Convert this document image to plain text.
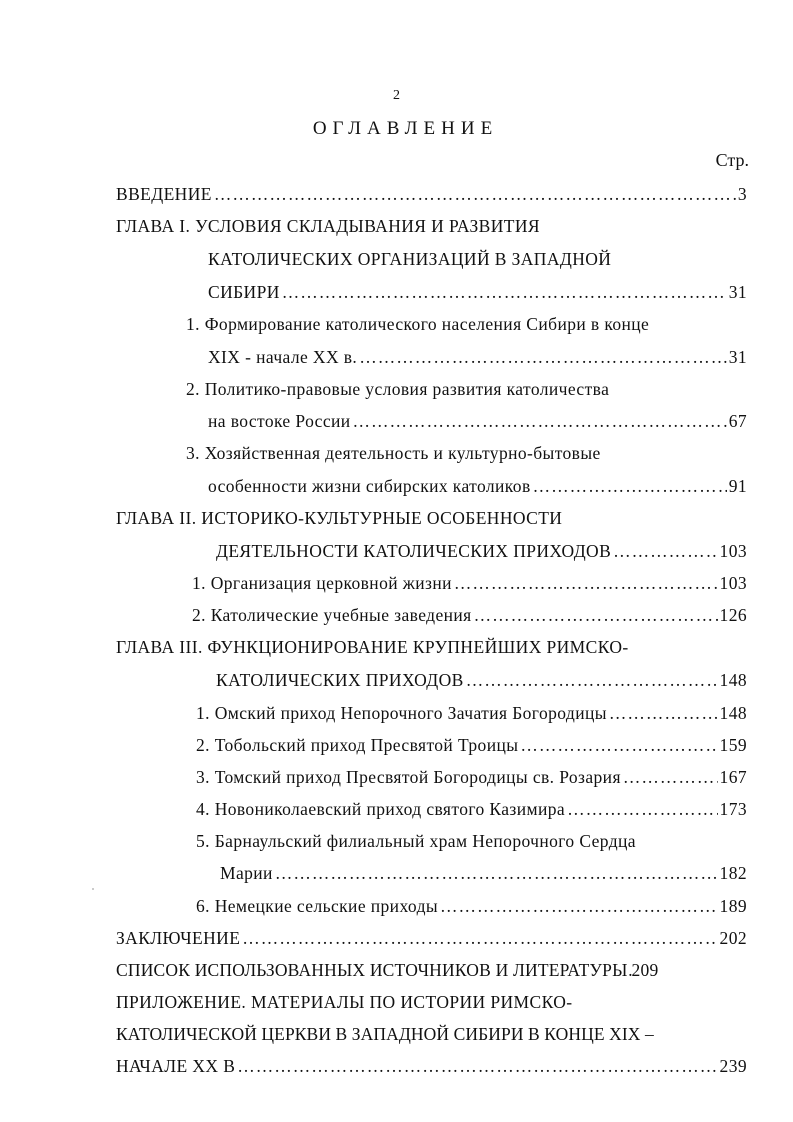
2
ОГЛАВЛЕНИЕ
Стр.
ВВЕДЕНИЕ ……………………………………………………………………………………………………………………………………………………………………	3
ГЛАВА I. УСЛОВИЯ СКЛАДЫВАНИЯ И РАЗВИТИЯ
КАТОЛИЧЕСКИХ ОРГАНИЗАЦИЙ В ЗАПАДНОЙ
СИБИРИ ……………………………………………………………………………………………………………………………………………………………………	31
1. Формирование католического населения Сибири в конце
XIX - начале XX в. ……………………………………………………………………………………………………………………………………………………………………	31
2. Политико-правовые условия развития католичества
на востоке России ……………………………………………………………………………………………………………………………………………………………………	67
3. Хозяйственная деятельность и культурно-бытовые
особенности жизни сибирских католиков ……………………………………………………………………………………………………………………………………………………………………	91
ГЛАВА II. ИСТОРИКО-КУЛЬТУРНЫЕ ОСОБЕННОСТИ
ДЕЯТЕЛЬНОСТИ КАТОЛИЧЕСКИХ ПРИХОДОВ ……………………………………………………………………………………………………………………………………………………………………	103
1. Организация церковной жизни ……………………………………………………………………………………………………………………………………………………………………	103
2. Католические учебные заведения ……………………………………………………………………………………………………………………………………………………………………	126
ГЛАВА III. ФУНКЦИОНИРОВАНИЕ КРУПНЕЙШИХ РИМСКО-
КАТОЛИЧЕСКИХ ПРИХОДОВ ……………………………………………………………………………………………………………………………………………………………………	148
1. Омский приход Непорочного Зачатия Богородицы ……………………………………………………………………………………………………………………………………………………………………	148
2. Тобольский приход Пресвятой Троицы ……………………………………………………………………………………………………………………………………………………………………	159
3. Томский приход Пресвятой Богородицы св. Розария ……………………………………………………………………………………………………………………………………………………………………	167
4. Новониколаевский приход святого Казимира ……………………………………………………………………………………………………………………………………………………………………	173
5. Барнаульский филиальный храм Непорочного Сердца
Марии ……………………………………………………………………………………………………………………………………………………………………	182
6. Немецкие сельские приходы ……………………………………………………………………………………………………………………………………………………………………	189
ЗАКЛЮЧЕНИЕ ……………………………………………………………………………………………………………………………………………………………………	202
СПИСОК ИСПОЛЬЗОВАННЫХ ИСТОЧНИКОВ И ЛИТЕРАТУРЫ …………………………………………………………………………………………………………………………………………………………………… 209
ПРИЛОЖЕНИЕ. МАТЕРИАЛЫ ПО ИСТОРИИ РИМСКО-
КАТОЛИЧЕСКОЙ ЦЕРКВИ В ЗАПАДНОЙ СИБИРИ В КОНЦЕ XIX –
НАЧАЛЕ XX В ……………………………………………………………………………………………………………………………………………………………………	239
